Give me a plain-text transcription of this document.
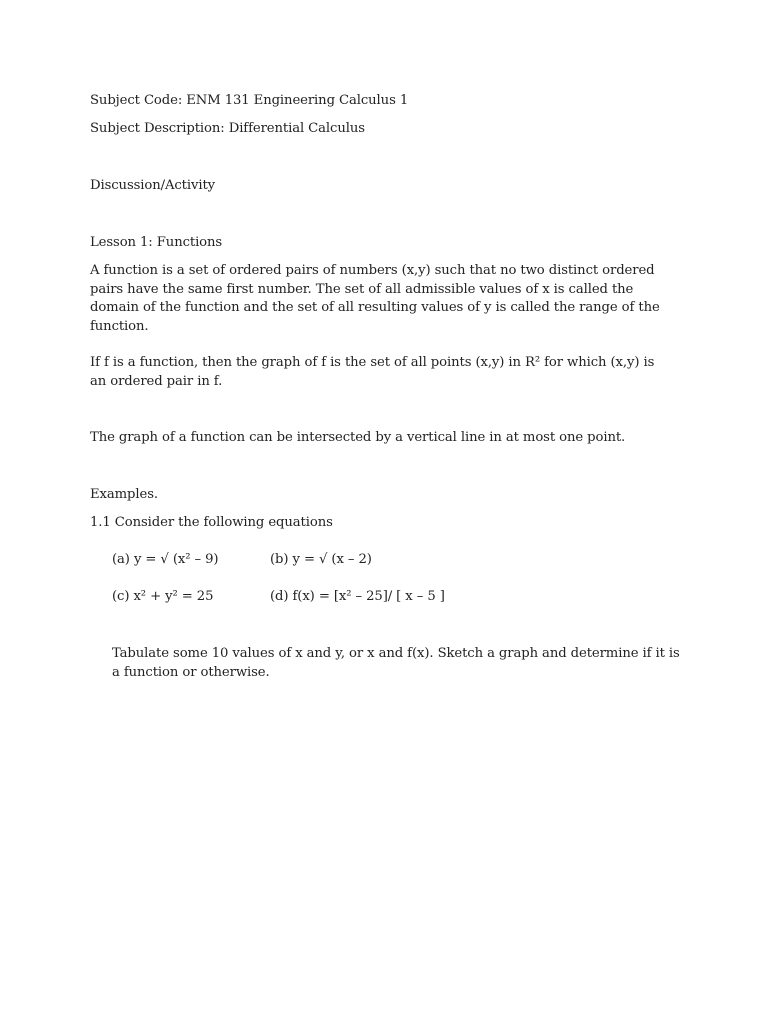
Subject Code: ENM 131 Engineering Calculus 1
Subject Description: Differential Calculus
Discussion/Activity
Lesson 1: Functions
A function is a set of ordered pairs of numbers (x,y) such that no two distinct ordered pairs have the same first number. The set of all admissible values of x is called the domain of the function and the set of all resulting values of y is called the range of the function.
If f is a function, then the graph of f is the set of all points (x,y) in R² for which (x,y) is an ordered pair in f.
The graph of a function can be intersected by a vertical line in at most one point.
Examples.
1.1 Consider the following equations
(a) y = √ (x² – 9)	(b) y = √ (x – 2)
(c) x² + y² = 25	(d) f(x) = [x² – 25]/ [ x – 5 ]
Tabulate some 10 values of x and y, or x and f(x). Sketch a graph and determine if it is a function or otherwise.
